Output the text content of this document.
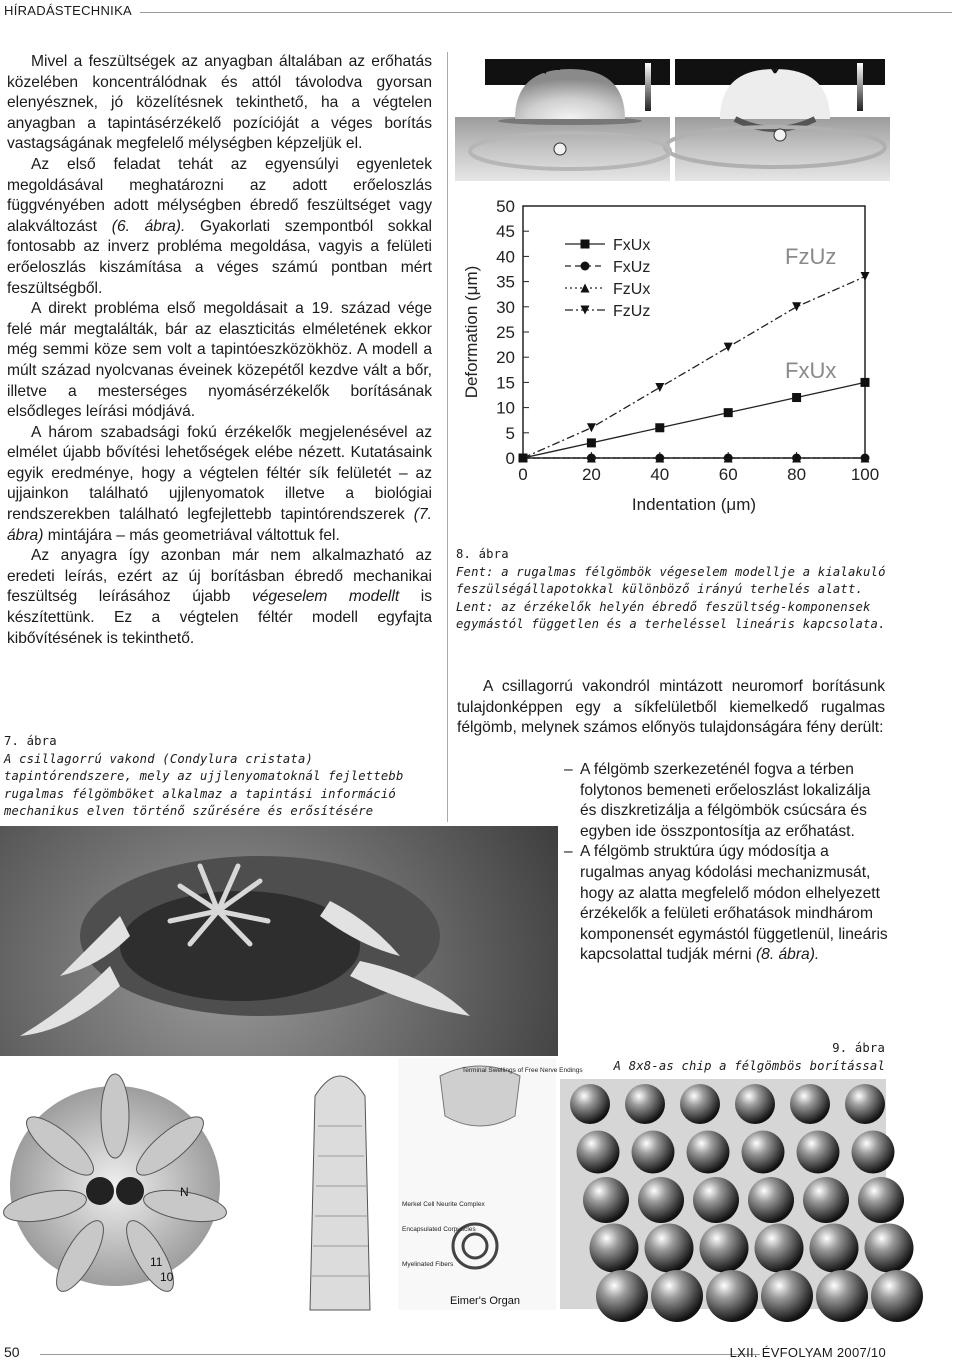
HÍRADÁSTECHNIKA

Mivel a feszültségek az anyagban általában az erőhatás közelében koncentrálódnak és attól távolodva gyorsan elenyésznek, jó közelítésnek tekinthető, ha a végtelen anyagban a tapintásérzékelő pozícióját a véges borítás vastagságának megfelelő mélységben képzeljük el.

Az első feladat tehát az egyensúlyi egyenletek megoldásával meghatározni az adott erőeloszlás függvényében adott mélységben ébredő feszültséget vagy alakváltozást (6. ábra). Gyakorlati szempontból sokkal fontosabb az inverz probléma megoldása, vagyis a felületi erőeloszlás kiszámítása a véges számú pontban mért feszültségből.

A direkt probléma első megoldásait a 19. század vége felé már megtalálták, bár az elaszticitás elméletének ekkor még semmi köze sem volt a tapintóeszközökhöz. A modell a múlt század nyolcvanas éveinek közepétől kezdve vált a bőr, illetve a mesterséges nyomásérzékelők borításának elsődleges leírási módjává.

A három szabadsági fokú érzékelők megjelenésével az elmélet újabb bővítési lehetőségek elébe nézett. Kutatásaink egyik eredménye, hogy a végtelen féltér sík felületét – az ujjainkon található ujjlenyomatok illetve a biológiai rendszerekben található legfejlettebb tapintórendszerek (7. ábra) mintájára – más geometriával váltottuk fel.

Az anyagra így azonban már nem alkalmazható az eredeti leírás, ezért az új borításban ébredő mechanikai feszültség leírásához újabb végeselem modellt is készítettünk. Ez a végtelen féltér modell egyfajta kibővítésének is tekinthető.

7. ábra
A csillagorrú vakond (Condylura cristata) tapintórendszere, mely az ujjlenyomatoknál fejlettebb rugalmas félgömböket alkalmaz a tapintási információ mechanikus elven történő szűrésére és erősítésére
0	20	40	60	80	100
0
5
10
15
20
25
30
35
40
45
50
Indentation (μm)
Deformation (μm)
FxUx
FxUz
FzUx
FzUz
FzUz
FxUx
8. ábra
Fent: a rugalmas félgömbök végeselem modellje a kialakuló feszülségállapotokkal különböző irányú terhelés alatt.
Lent: az érzékelők helyén ébredő feszültség-komponensek egymástól független és a terheléssel lineáris kapcsolata.

A csillagorrú vakondról mintázott neuromorf borításunk tulajdonképpen egy a síkfelületből kiemelkedő rugalmas félgömb, melynek számos előnyös tulajdonságára fény derült:

– A félgömb szerkezeténél fogva a térben folytonos bemeneti erőeloszlást lokalizálja és diszkretizálja a félgömbök csúcsára és egyben ide összpontosítja az erőhatást.

– A félgömb struktúra úgy módosítja a rugalmas anyag kódolási mechanizmusát, hogy az alatta megfelelő módon elhelyezett érzékelők a felületi erőhatások mindhárom komponensét egymástól függetlenül, lineáris kapcsolattal tudják mérni (8. ábra).

9. ábra
A 8x8-as chip a félgömbös borítással
11
10
N
Terminal Swellings of Free Nerve Endings
Merkel Cell Neurite Complex
Encapsulated Corpuscles
Myelinated Fibers
Eimer's Organ
50	LXII. ÉVFOLYAM 2007/10
